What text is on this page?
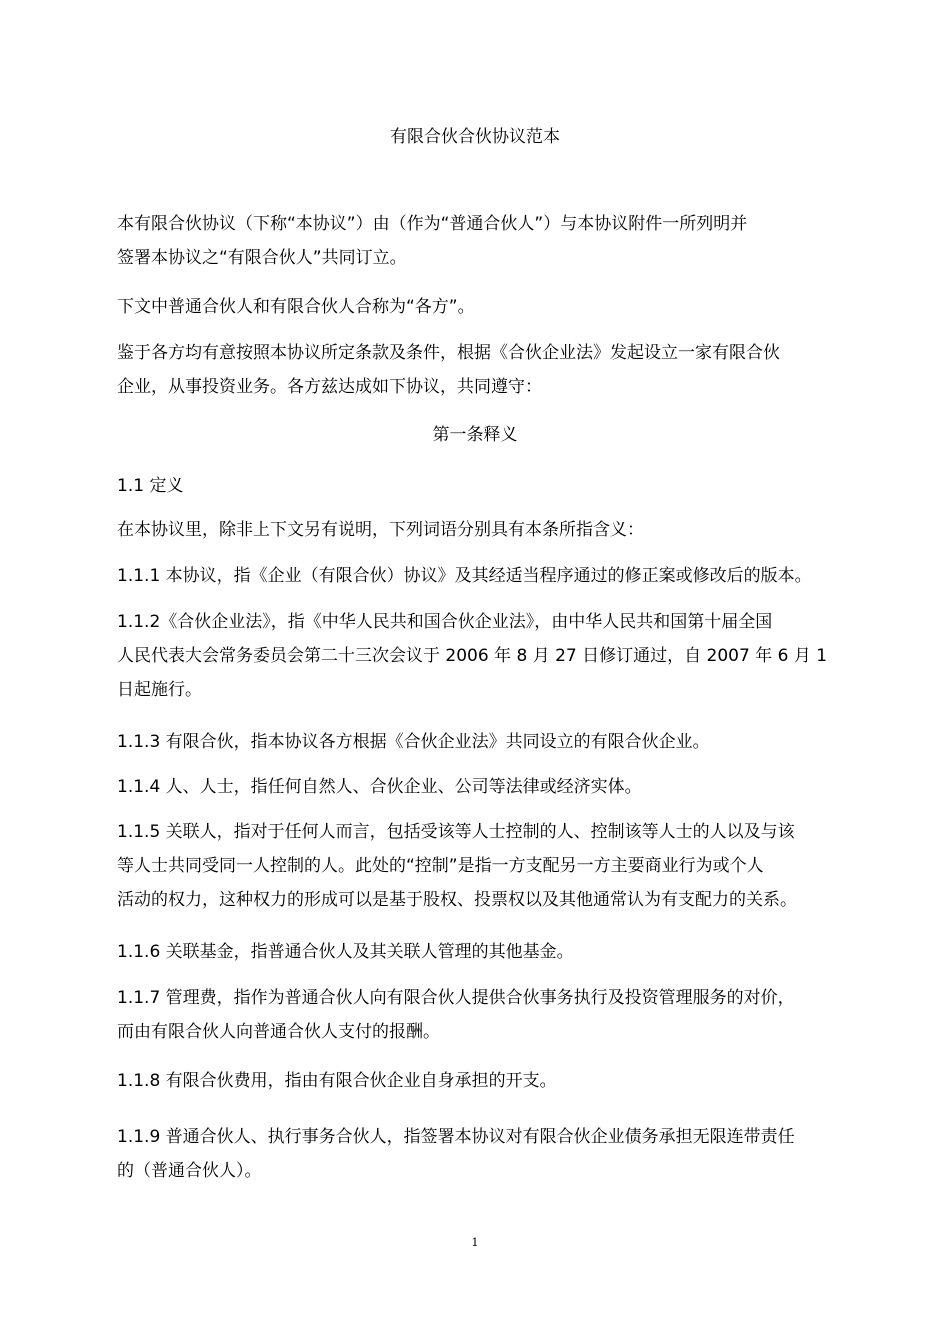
有限合伙合伙协议范本
本有限合伙协议（下称“本协议”）由（作为“普通合伙人”）与本协议附件一所列明并
签署本协议之“有限合伙人”共同订立。
下文中普通合伙人和有限合伙人合称为“各方”。
鉴于各方均有意按照本协议所定条款及条件，根据《合伙企业法》发起设立一家有限合伙
企业，从事投资业务。各方兹达成如下协议，共同遵守：
第一条释义
1.1 定义
在本协议里，除非上下文另有说明，下列词语分别具有本条所指含义：
1.1.1 本协议，指《企业（有限合伙）协议》及其经适当程序通过的修正案或修改后的版本。
1.1.2《合伙企业法》，指《中华人民共和国合伙企业法》，由中华人民共和国第十届全国
人民代表大会常务委员会第二十三次会议于 2006 年 8 月 27 日修订通过，自 2007 年 6 月 1
日起施行。
1.1.3 有限合伙，指本协议各方根据《合伙企业法》共同设立的有限合伙企业。
1.1.4 人、人士，指任何自然人、合伙企业、公司等法律或经济实体。
1.1.5 关联人，指对于任何人而言，包括受该等人士控制的人、控制该等人士的人以及与该
等人士共同受同一人控制的人。此处的“控制”是指一方支配另一方主要商业行为或个人
活动的权力，这种权力的形成可以是基于股权、投票权以及其他通常认为有支配力的关系。
1.1.6 关联基金，指普通合伙人及其关联人管理的其他基金。
1.1.7 管理费，指作为普通合伙人向有限合伙人提供合伙事务执行及投资管理服务的对价，
而由有限合伙人向普通合伙人支付的报酬。
1.1.8 有限合伙费用，指由有限合伙企业自身承担的开支。
1.1.9 普通合伙人、执行事务合伙人，指签署本协议对有限合伙企业债务承担无限连带责任
的（普通合伙人）。
1
